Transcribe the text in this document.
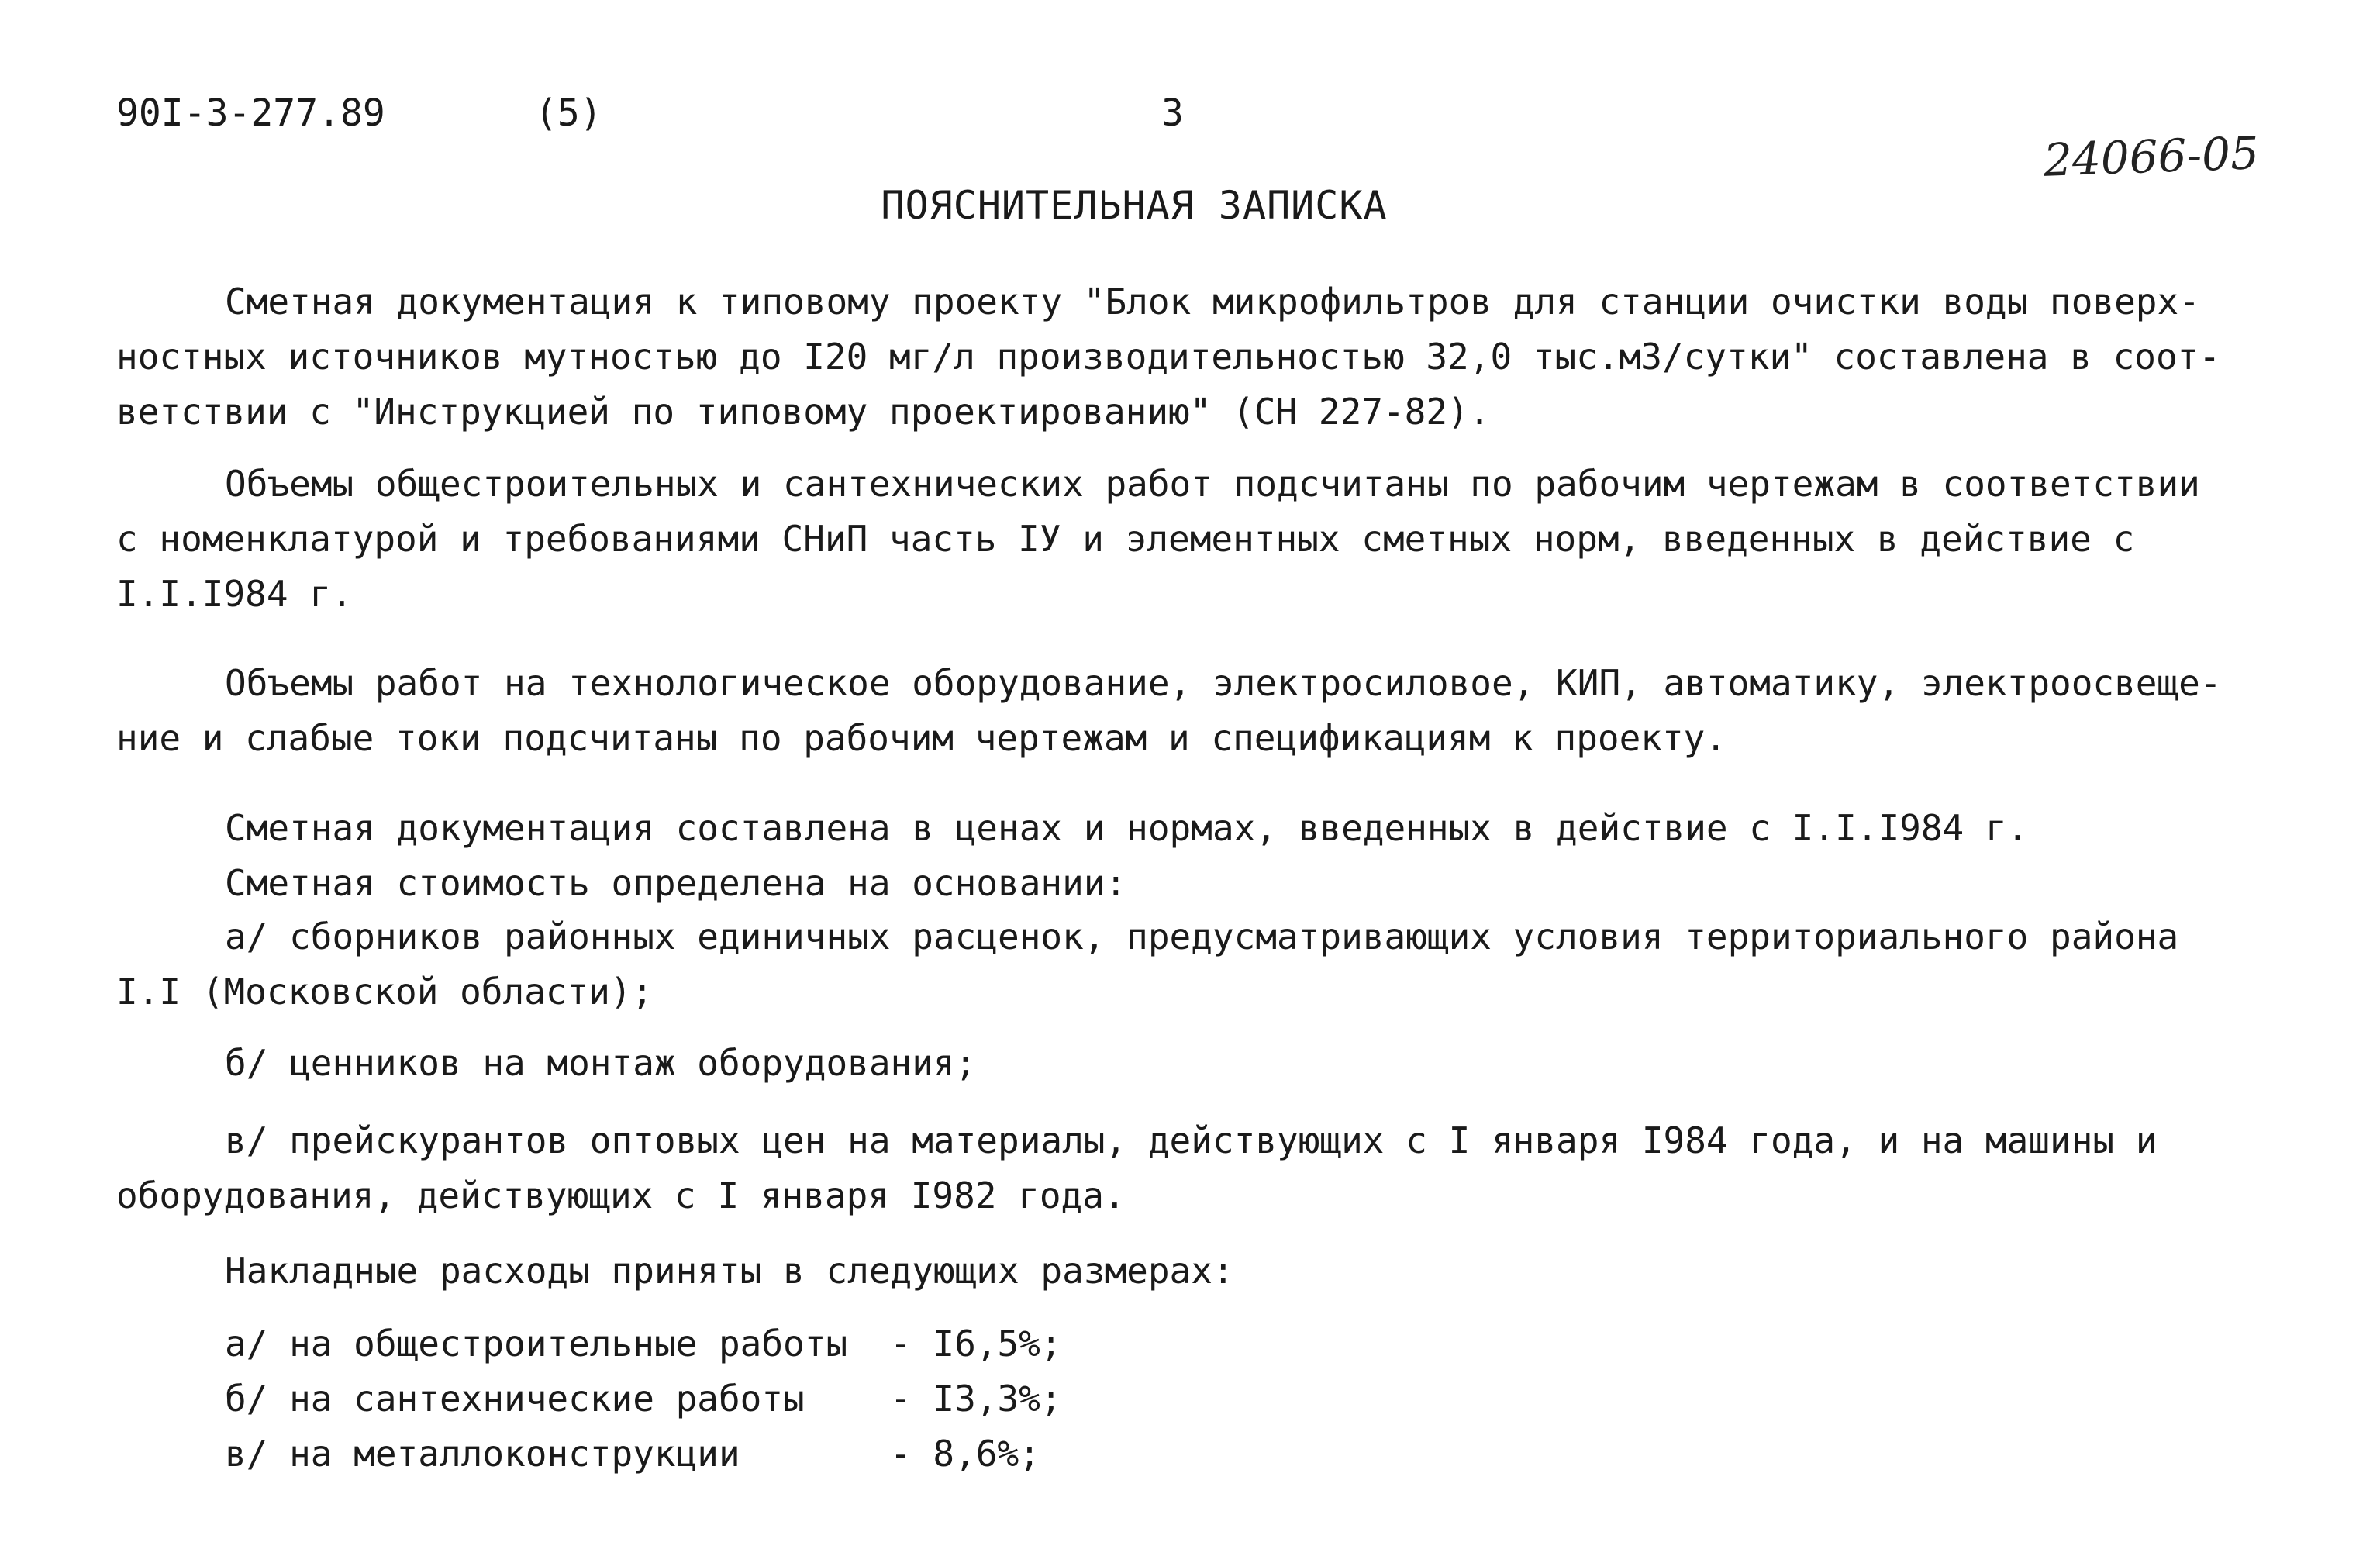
90I-3-277.89	(5)	3
24066-05
ПОЯСНИТЕЛЬНАЯ ЗАПИСКА
Сметная документация к типовому проекту "Блок микрофильтров для станции очистки воды поверх-
ностных источников мутностью до I20 мг/л производительностью 32,0 тыс.м3/сутки" составлена в соот-
ветствии с "Инструкцией по типовому проектированию" (СН 227-82).
Объемы общестроительных и сантехнических работ подсчитаны по рабочим чертежам в соответствии
с номенклатурой и требованиями СНиП часть IУ и элементных сметных норм, введенных в действие с
I.I.I984 г.
Объемы работ на технологическое оборудование, электросиловое, КИП, автоматику, электроосвеще-
ние и слабые токи подсчитаны по рабочим чертежам и спецификациям к проекту.
Сметная документация составлена в ценах и нормах, введенных в действие с I.I.I984 г.
Сметная стоимость определена на основании:
а/ сборников районных единичных расценок, предусматривающих условия территориального района
I.I (Московской области);
б/ ценников на монтаж оборудования;
в/ прейскурантов оптовых цен на материалы, действующих с I января I984 года, и на машины и
оборудования, действующих с I января I982 года.
Накладные расходы приняты в следующих размерах:
а/ на общестроительные работы - I6,5%;
б/ на сантехнические работы - I3,3%;
в/ на металлоконструкции	- 8,6%;
